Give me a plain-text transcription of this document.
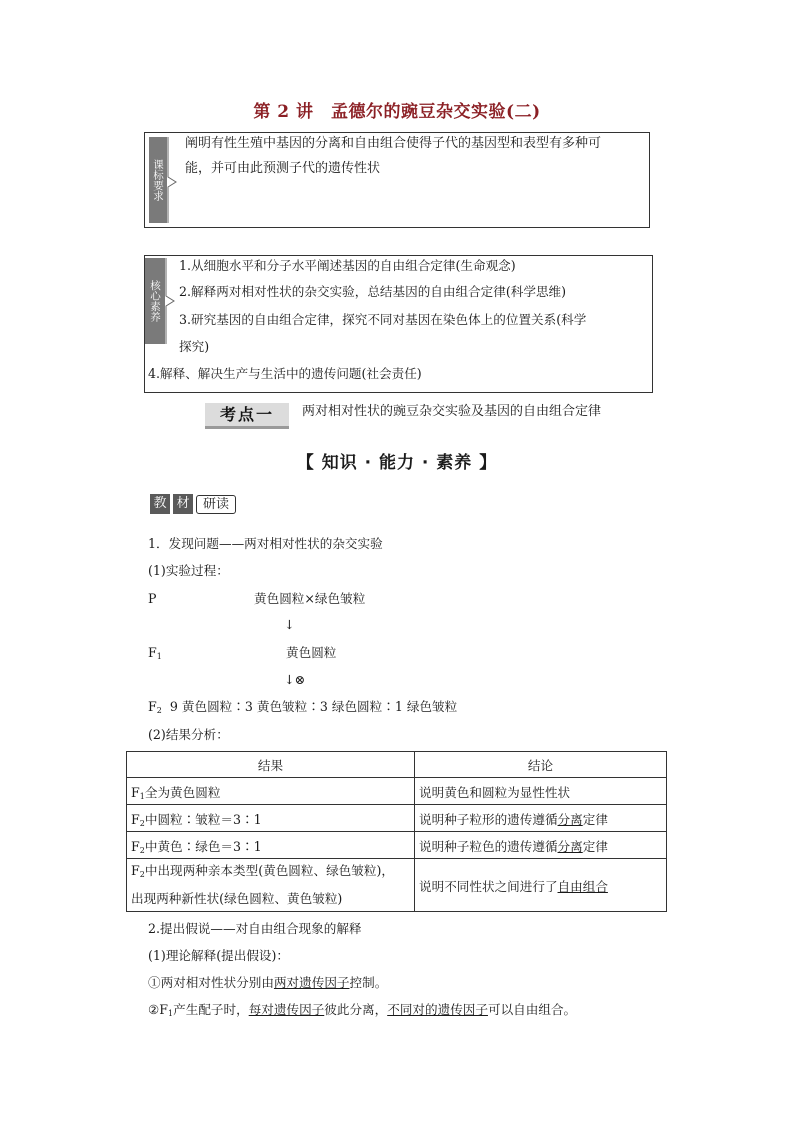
第 2 讲　孟德尔的豌豆杂交实验(二)
课标要求
阐明有性生殖中基因的分离和自由组合使得子代的基因型和表型有多种可
能，并可由此预测子代的遗传性状
核心素养
1.从细胞水平和分子水平阐述基因的自由组合定律(生命观念)
2.解释两对相对性状的杂交实验，总结基因的自由组合定律(科学思维)
3.研究基因的自由组合定律，探究不同对基因在染色体上的位置关系(科学
探究)
4.解释、解决生产与生活中的遗传问题(社会责任)
考点一	两对相对性状的豌豆杂交实验及基因的自由组合定律
【 知识 · 能力 · 素养 】
教 材 研读
1．发现问题——两对相对性状的杂交实验
(1)实验过程：
P	黄色圆粒×绿色皱粒
↓
$F_1$	黄色圆粒
↓⊗
$F_2$ 9 黄色圆粒∶3 黄色皱粒∶3 绿色圆粒∶1 绿色皱粒
(2)结果分析：
结果	结论
$F_1$全为黄色圆粒	说明黄色和圆粒为显性性状
$F_2$中圆粒∶皱粒＝3∶1	说明种子粒形的遗传遵循分离定律
$F_2$中黄色∶绿色＝3∶1	说明种子粒色的遗传遵循分离定律
$F_2$中出现两种亲本类型(黄色圆粒、绿色皱粒)，
出现两种新性状(绿色圆粒、黄色皱粒)	说明不同性状之间进行了自由组合
2.提出假说——对自由组合现象的解释
(1)理论解释(提出假设)：
①两对相对性状分别由两对遗传因子控制。
$②F_1$产生配子时，每对遗传因子彼此分离，不同对的遗传因子可以自由组合。
